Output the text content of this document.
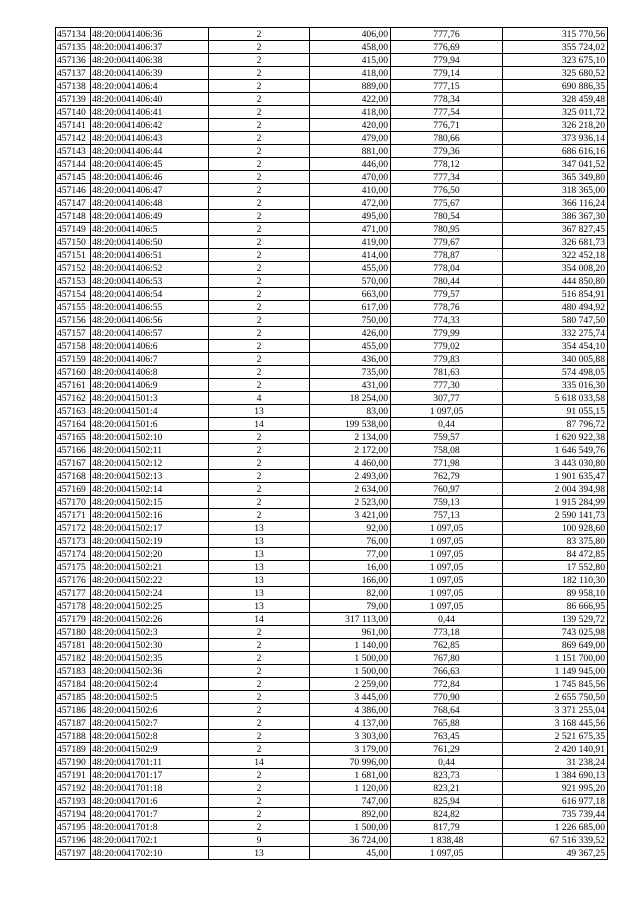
457134	48:20:0041406:36	2	406,00	777,76	315 770,56
457135	48:20:0041406:37	2	458,00	776,69	355 724,02
457136	48:20:0041406:38	2	415,00	779,94	323 675,10
457137	48:20:0041406:39	2	418,00	779,14	325 680,52
457138	48:20:0041406:4	2	889,00	777,15	690 886,35
457139	48:20:0041406:40	2	422,00	778,34	328 459,48
457140	48:20:0041406:41	2	418,00	777,54	325 011,72
457141	48:20:0041406:42	2	420,00	776,71	326 218,20
457142	48:20:0041406:43	2	479,00	780,66	373 936,14
457143	48:20:0041406:44	2	881,00	779,36	686 616,16
457144	48:20:0041406:45	2	446,00	778,12	347 041,52
457145	48:20:0041406:46	2	470,00	777,34	365 349,80
457146	48:20:0041406:47	2	410,00	776,50	318 365,00
457147	48:20:0041406:48	2	472,00	775,67	366 116,24
457148	48:20:0041406:49	2	495,00	780,54	386 367,30
457149	48:20:0041406:5	2	471,00	780,95	367 827,45
457150	48:20:0041406:50	2	419,00	779,67	326 681,73
457151	48:20:0041406:51	2	414,00	778,87	322 452,18
457152	48:20:0041406:52	2	455,00	778,04	354 008,20
457153	48:20:0041406:53	2	570,00	780,44	444 850,80
457154	48:20:0041406:54	2	663,00	779,57	516 854,91
457155	48:20:0041406:55	2	617,00	778,76	480 494,92
457156	48:20:0041406:56	2	750,00	774,33	580 747,50
457157	48:20:0041406:57	2	426,00	779,99	332 275,74
457158	48:20:0041406:6	2	455,00	779,02	354 454,10
457159	48:20:0041406:7	2	436,00	779,83	340 005,88
457160	48:20:0041406:8	2	735,00	781,63	574 498,05
457161	48:20:0041406:9	2	431,00	777,30	335 016,30
457162	48:20:0041501:3	4	18 254,00	307,77	5 618 033,58
457163	48:20:0041501:4	13	83,00	1 097,05	91 055,15
457164	48:20:0041501:6	14	199 538,00	0,44	87 796,72
457165	48:20:0041502:10	2	2 134,00	759,57	1 620 922,38
457166	48:20:0041502:11	2	2 172,00	758,08	1 646 549,76
457167	48:20:0041502:12	2	4 460,00	771,98	3 443 030,80
457168	48:20:0041502:13	2	2 493,00	762,79	1 901 635,47
457169	48:20:0041502:14	2	2 634,00	760,97	2 004 394,98
457170	48:20:0041502:15	2	2 523,00	759,13	1 915 284,99
457171	48:20:0041502:16	2	3 421,00	757,13	2 590 141,73
457172	48:20:0041502:17	13	92,00	1 097,05	100 928,60
457173	48:20:0041502:19	13	76,00	1 097,05	83 375,80
457174	48:20:0041502:20	13	77,00	1 097,05	84 472,85
457175	48:20:0041502:21	13	16,00	1 097,05	17 552,80
457176	48:20:0041502:22	13	166,00	1 097,05	182 110,30
457177	48:20:0041502:24	13	82,00	1 097,05	89 958,10
457178	48:20:0041502:25	13	79,00	1 097,05	86 666,95
457179	48:20:0041502:26	14	317 113,00	0,44	139 529,72
457180	48:20:0041502:3	2	961,00	773,18	743 025,98
457181	48:20:0041502:30	2	1 140,00	762,85	869 649,00
457182	48:20:0041502:35	2	1 500,00	767,80	1 151 700,00
457183	48:20:0041502:36	2	1 500,00	766,63	1 149 945,00
457184	48:20:0041502:4	2	2 259,00	772,84	1 745 845,56
457185	48:20:0041502:5	2	3 445,00	770,90	2 655 750,50
457186	48:20:0041502:6	2	4 386,00	768,64	3 371 255,04
457187	48:20:0041502:7	2	4 137,00	765,88	3 168 445,56
457188	48:20:0041502:8	2	3 303,00	763,45	2 521 675,35
457189	48:20:0041502:9	2	3 179,00	761,29	2 420 140,91
457190	48:20:0041701:11	14	70 996,00	0,44	31 238,24
457191	48:20:0041701:17	2	1 681,00	823,73	1 384 690,13
457192	48:20:0041701:18	2	1 120,00	823,21	921 995,20
457193	48:20:0041701:6	2	747,00	825,94	616 977,18
457194	48:20:0041701:7	2	892,00	824,82	735 739,44
457195	48:20:0041701:8	2	1 500,00	817,79	1 226 685,00
457196	48:20:0041702:1	9	36 724,00	1 838,48	67 516 339,52
457197	48:20:0041702:10	13	45,00	1 097,05	49 367,25
